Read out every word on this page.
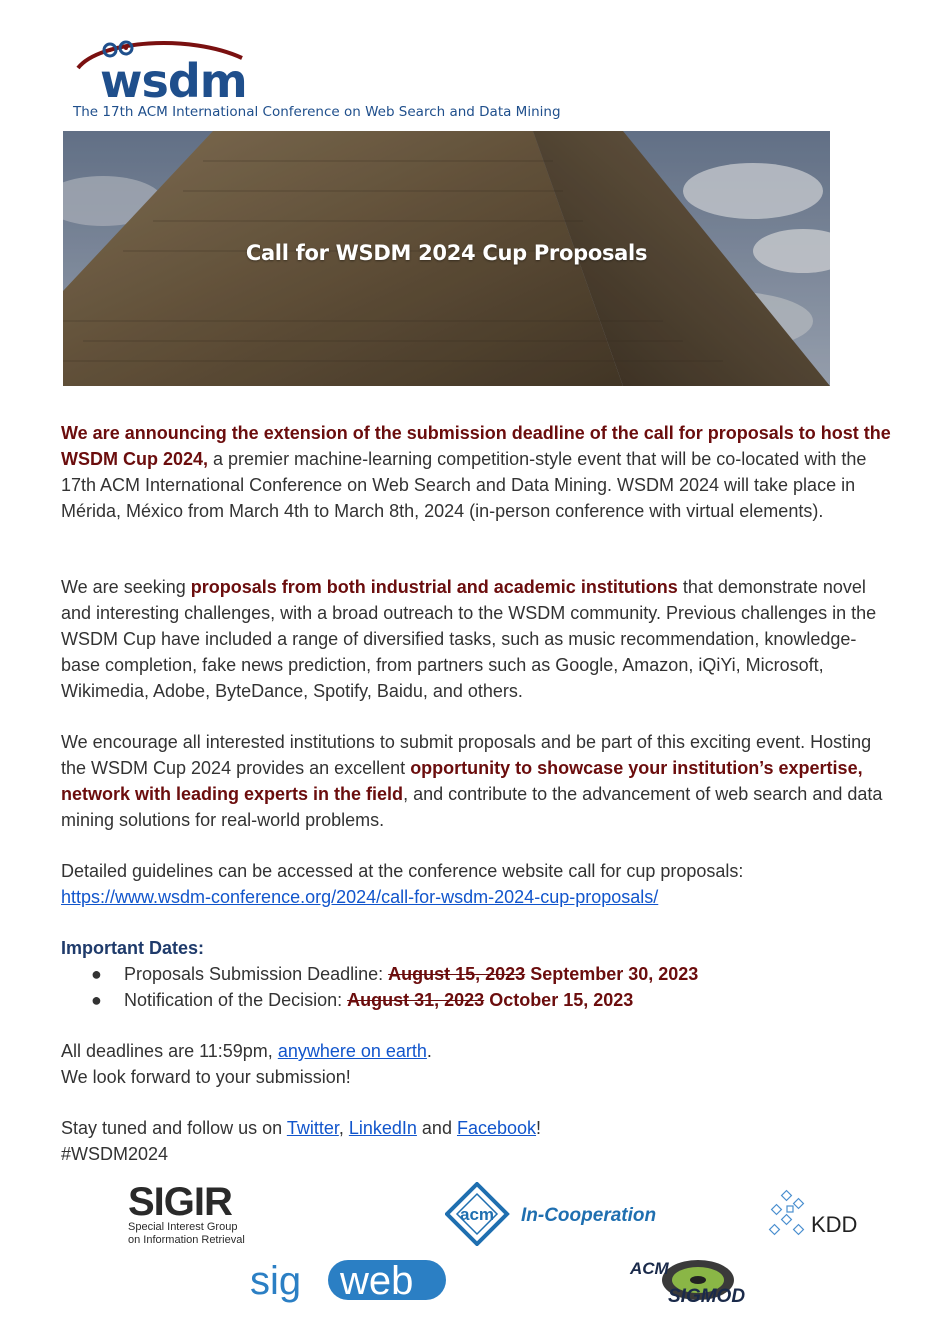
wsdm
The 17th ACM International Conference on Web Search and Data Mining
Call for WSDM 2024 Cup Proposals
We are announcing the extension of the submission deadline of the call for proposals to host the WSDM Cup 2024, a premier machine-learning competition-style event that will be co-located with the 17th ACM International Conference on Web Search and Data Mining. WSDM 2024 will take place in Mérida, México from March 4th to March 8th, 2024 (in-person conference with virtual elements).
We are seeking proposals from both industrial and academic institutions that demonstrate novel and interesting challenges, with a broad outreach to the WSDM community. Previous challenges in the WSDM Cup have included a range of diversified tasks, such as music recommendation, knowledge-base completion, fake news prediction, from partners such as Google, Amazon, iQiYi, Microsoft, Wikimedia, Adobe, ByteDance, Spotify, Baidu, and others.
We encourage all interested institutions to submit proposals and be part of this exciting event. Hosting the WSDM Cup 2024 provides an excellent opportunity to showcase your institution’s expertise, network with leading experts in the field, and contribute to the advancement of web search and data mining solutions for real-world problems.
Detailed guidelines can be accessed at the conference website call for cup proposals:
https://www.wsdm-conference.org/2024/call-for-wsdm-2024-cup-proposals/
Important Dates:
● Proposals Submission Deadline: August 15, 2023 September 30, 2023
● Notification of the Decision: August 31, 2023 October 15, 2023
All deadlines are 11:59pm, anywhere on earth.
We look forward to your submission!
Stay tuned and follow us on Twitter, LinkedIn and Facebook!
#WSDM2024
SIGIR
Special Interest Group
on Information Retrieval
acm In-Cooperation	KDD
sig web	ACM
SIGMOD
